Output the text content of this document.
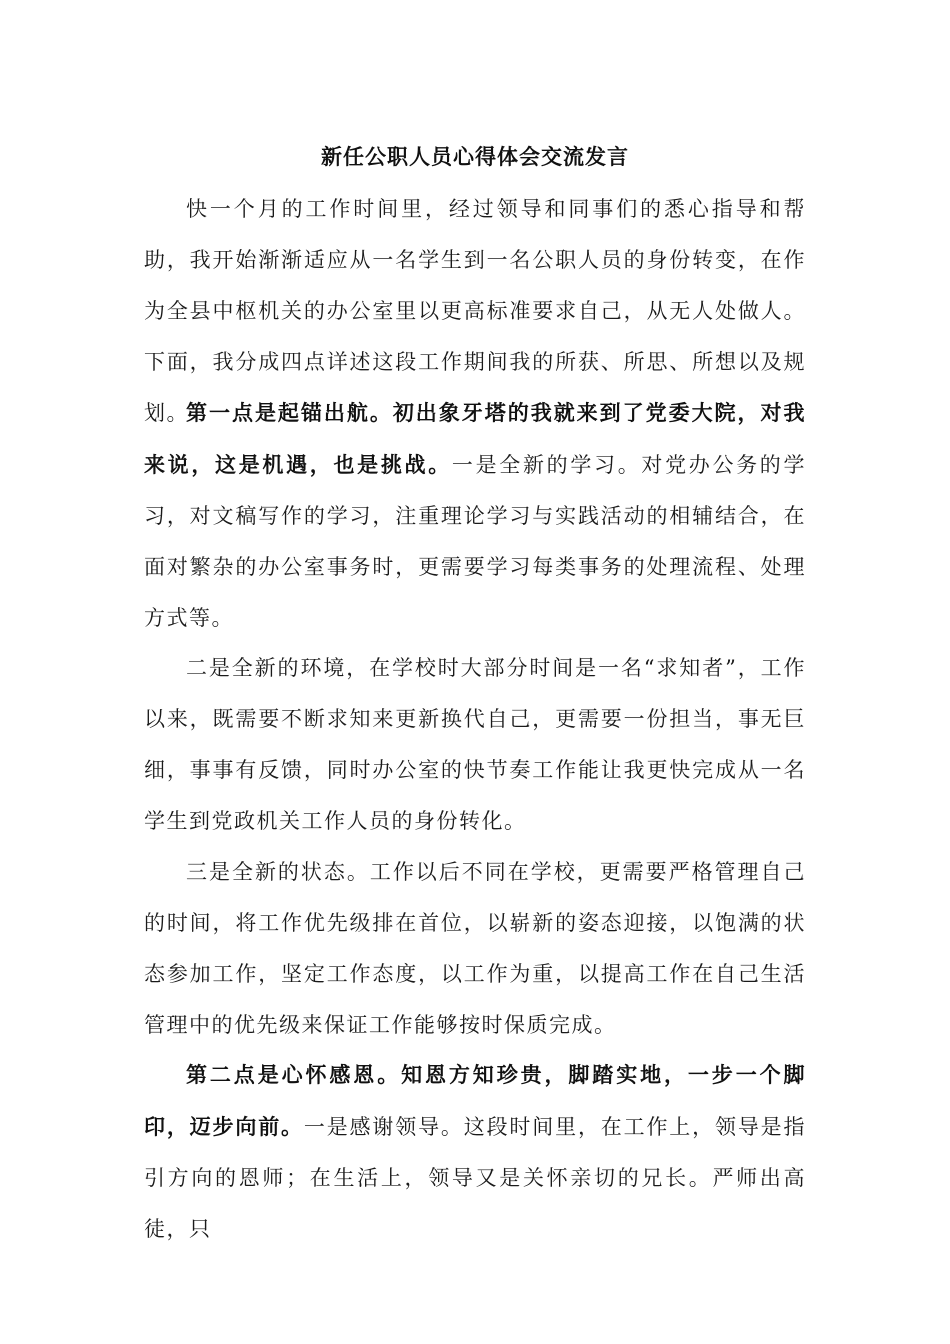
新任公职人员心得体会交流发言

快一个月的工作时间里，经过领导和同事们的悉心指导和帮助，我开始渐渐适应从一名学生到一名公职人员的身份转变，在作为全县中枢机关的办公室里以更高标准要求自己，从无人处做人。下面，我分成四点详述这段工作期间我的所获、所思、所想以及规划。

第一点是起锚出航。初出象牙塔的我就来到了党委大院，对我来说，这是机遇，也是挑战。一是全新的学习。对党办公务的学习，对文稿写作的学习，注重理论学习与实践活动的相辅结合，在面对繁杂的办公室事务时，更需要学习每类事务的处理流程、处理方式等。

二是全新的环境，在学校时大部分时间是一名“求知者”，工作以来，既需要不断求知来更新换代自己，更需要一份担当，事无巨细，事事有反馈，同时办公室的快节奏工作能让我更快完成从一名学生到党政机关工作人员的身份转化。

三是全新的状态。工作以后不同在学校，更需要严格管理自己的时间，将工作优先级排在首位，以崭新的姿态迎接，以饱满的状态参加工作，坚定工作态度，以工作为重，以提高工作在自己生活管理中的优先级来保证工作能够按时保质完成。

第二点是心怀感恩。知恩方知珍贵，脚踏实地，一步一个脚印，迈步向前。一是感谢领导。这段时间里，在工作上，领导是指引方向的恩师；在生活上，领导又是关怀亲切的兄长。严师出高徒，只
